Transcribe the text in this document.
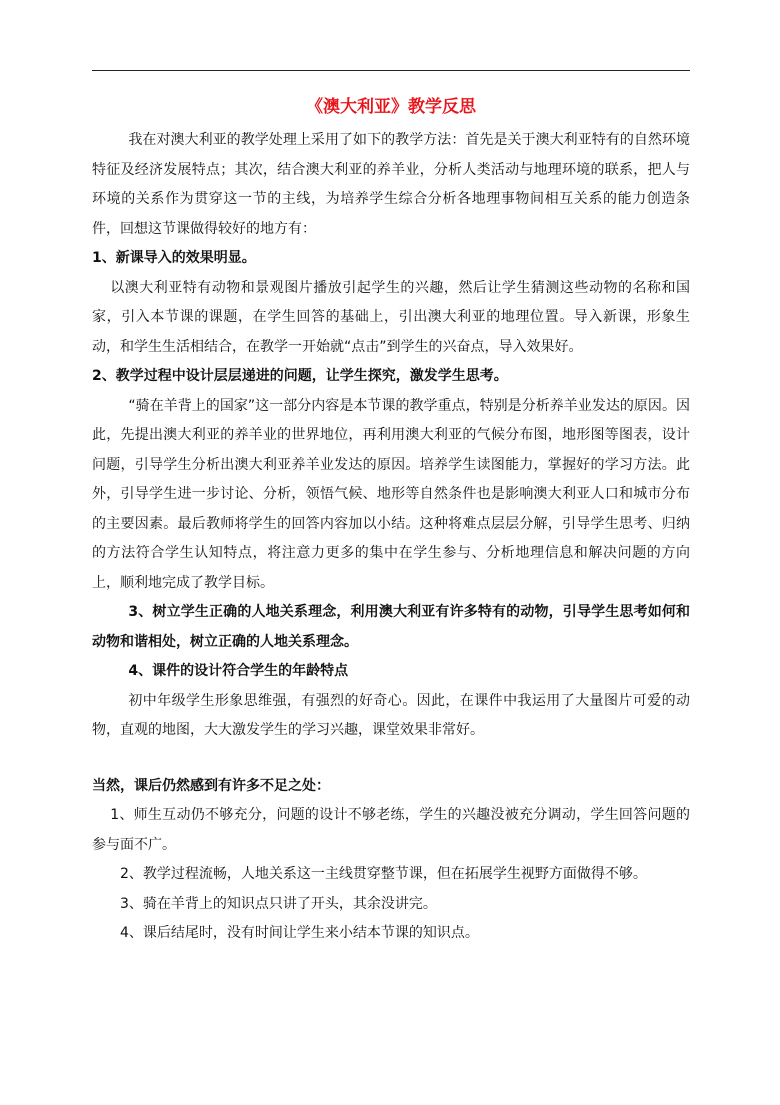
《澳大利亚》教学反思

我在对澳大利亚的教学处理上采用了如下的教学方法：首先是关于澳大利亚特有的自然环境特征及经济发展特点；其次，结合澳大利亚的养羊业，分析人类活动与地理环境的联系，把人与环境的关系作为贯穿这一节的主线，为培养学生综合分析各地理事物间相互关系的能力创造条件，回想这节课做得较好的地方有：

1、新课导入的效果明显。

以澳大利亚特有动物和景观图片播放引起学生的兴趣，然后让学生猜测这些动物的名称和国家，引入本节课的课题，在学生回答的基础上，引出澳大利亚的地理位置。导入新课，形象生动，和学生生活相结合，在教学一开始就“点击”到学生的兴奋点，导入效果好。

2、教学过程中设计层层递进的问题，让学生探究，激发学生思考。

“骑在羊背上的国家”这一部分内容是本节课的教学重点，特别是分析养羊业发达的原因。因此，先提出澳大利亚的养羊业的世界地位，再利用澳大利亚的气候分布图，地形图等图表，设计问题，引导学生分析出澳大利亚养羊业发达的原因。培养学生读图能力，掌握好的学习方法。此外，引导学生进一步讨论、分析，领悟气候、地形等自然条件也是影响澳大利亚人口和城市分布的主要因素。最后教师将学生的回答内容加以小结。这种将难点层层分解，引导学生思考、归纳的方法符合学生认知特点，将注意力更多的集中在学生参与、分析地理信息和解决问题的方向上，顺利地完成了教学目标。

3、树立学生正确的人地关系理念，利用澳大利亚有许多特有的动物，引导学生思考如何和动物和谐相处，树立正确的人地关系理念。

4、课件的设计符合学生的年龄特点

初中年级学生形象思维强，有强烈的好奇心。因此，在课件中我运用了大量图片可爱的动物，直观的地图，大大激发学生的学习兴趣，课堂效果非常好。

当然，课后仍然感到有许多不足之处：

1、师生互动仍不够充分，问题的设计不够老练，学生的兴趣没被充分调动，学生回答问题的参与面不广。

2、教学过程流畅，人地关系这一主线贯穿整节课，但在拓展学生视野方面做得不够。

3、骑在羊背上的知识点只讲了开头，其余没讲完。

4、课后结尾时，没有时间让学生来小结本节课的知识点。
